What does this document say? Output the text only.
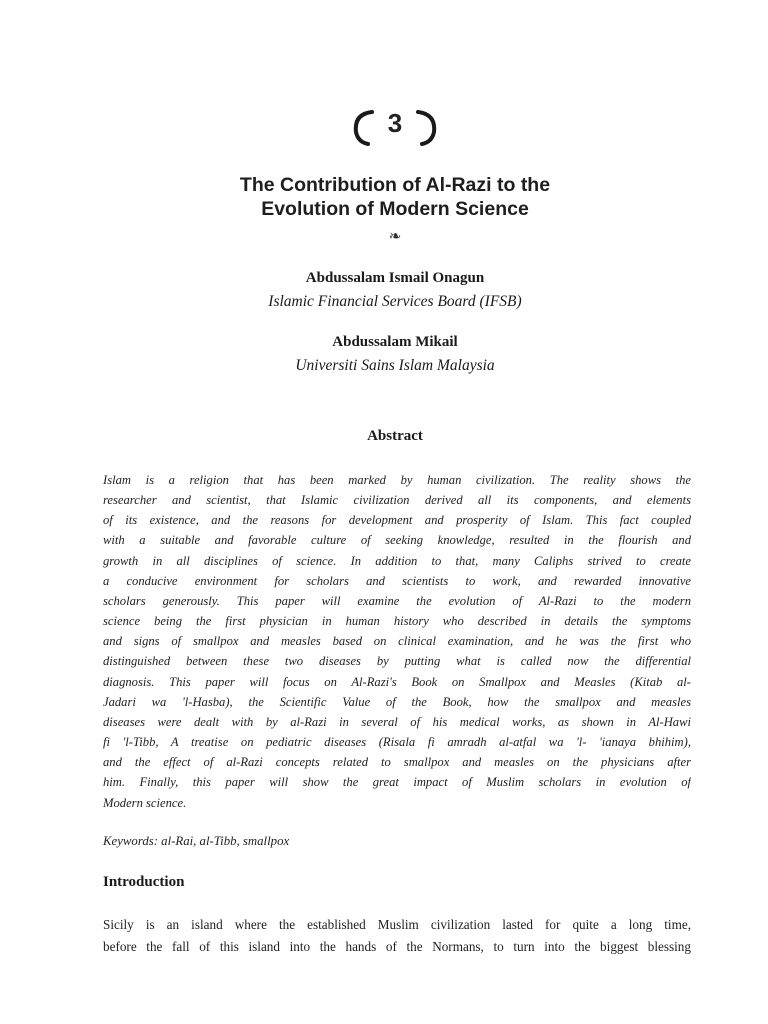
3
The Contribution of Al-Razi to the
Evolution of Modern Science
❧
Abdussalam Ismail Onagun
Islamic Financial Services Board (IFSB)
Abdussalam Mikail
Universiti Sains Islam Malaysia
Abstract
Islam is a religion that has been marked by human civilization. The reality shows the
researcher and scientist, that Islamic civilization derived all its components, and elements
of its existence, and the reasons for development and prosperity of Islam. This fact coupled
with a suitable and favorable culture of seeking knowledge, resulted in the flourish and
growth in all disciplines of science. In addition to that, many Caliphs strived to create
a conducive environment for scholars and scientists to work, and rewarded innovative
scholars generously. This paper will examine the evolution of Al-Razi to the modern
science being the first physician in human history who described in details the symptoms
and signs of smallpox and measles based on clinical examination, and he was the first who
distinguished between these two diseases by putting what is called now the differential
diagnosis. This paper will focus on Al-Razi's Book on Smallpox and Measles (Kitab al-
Jadari wa 'l-Hasba), the Scientific Value of the Book, how the smallpox and measles
diseases were dealt with by al-Razi in several of his medical works, as shown in Al-Hawi
fi 'l-Tibb, A treatise on pediatric diseases (Risala fi amradh al-atfal wa 'l- 'ianaya bhihim),
and the effect of al-Razi concepts related to smallpox and measles on the physicians after
him. Finally, this paper will show the great impact of Muslim scholars in evolution of
Modern science.
Keywords: al-Rai, al-Tibb, smallpox
Introduction
Sicily is an island where the established Muslim civilization lasted for quite a long time,
before the fall of this island into the hands of the Normans, to turn into the biggest blessing
